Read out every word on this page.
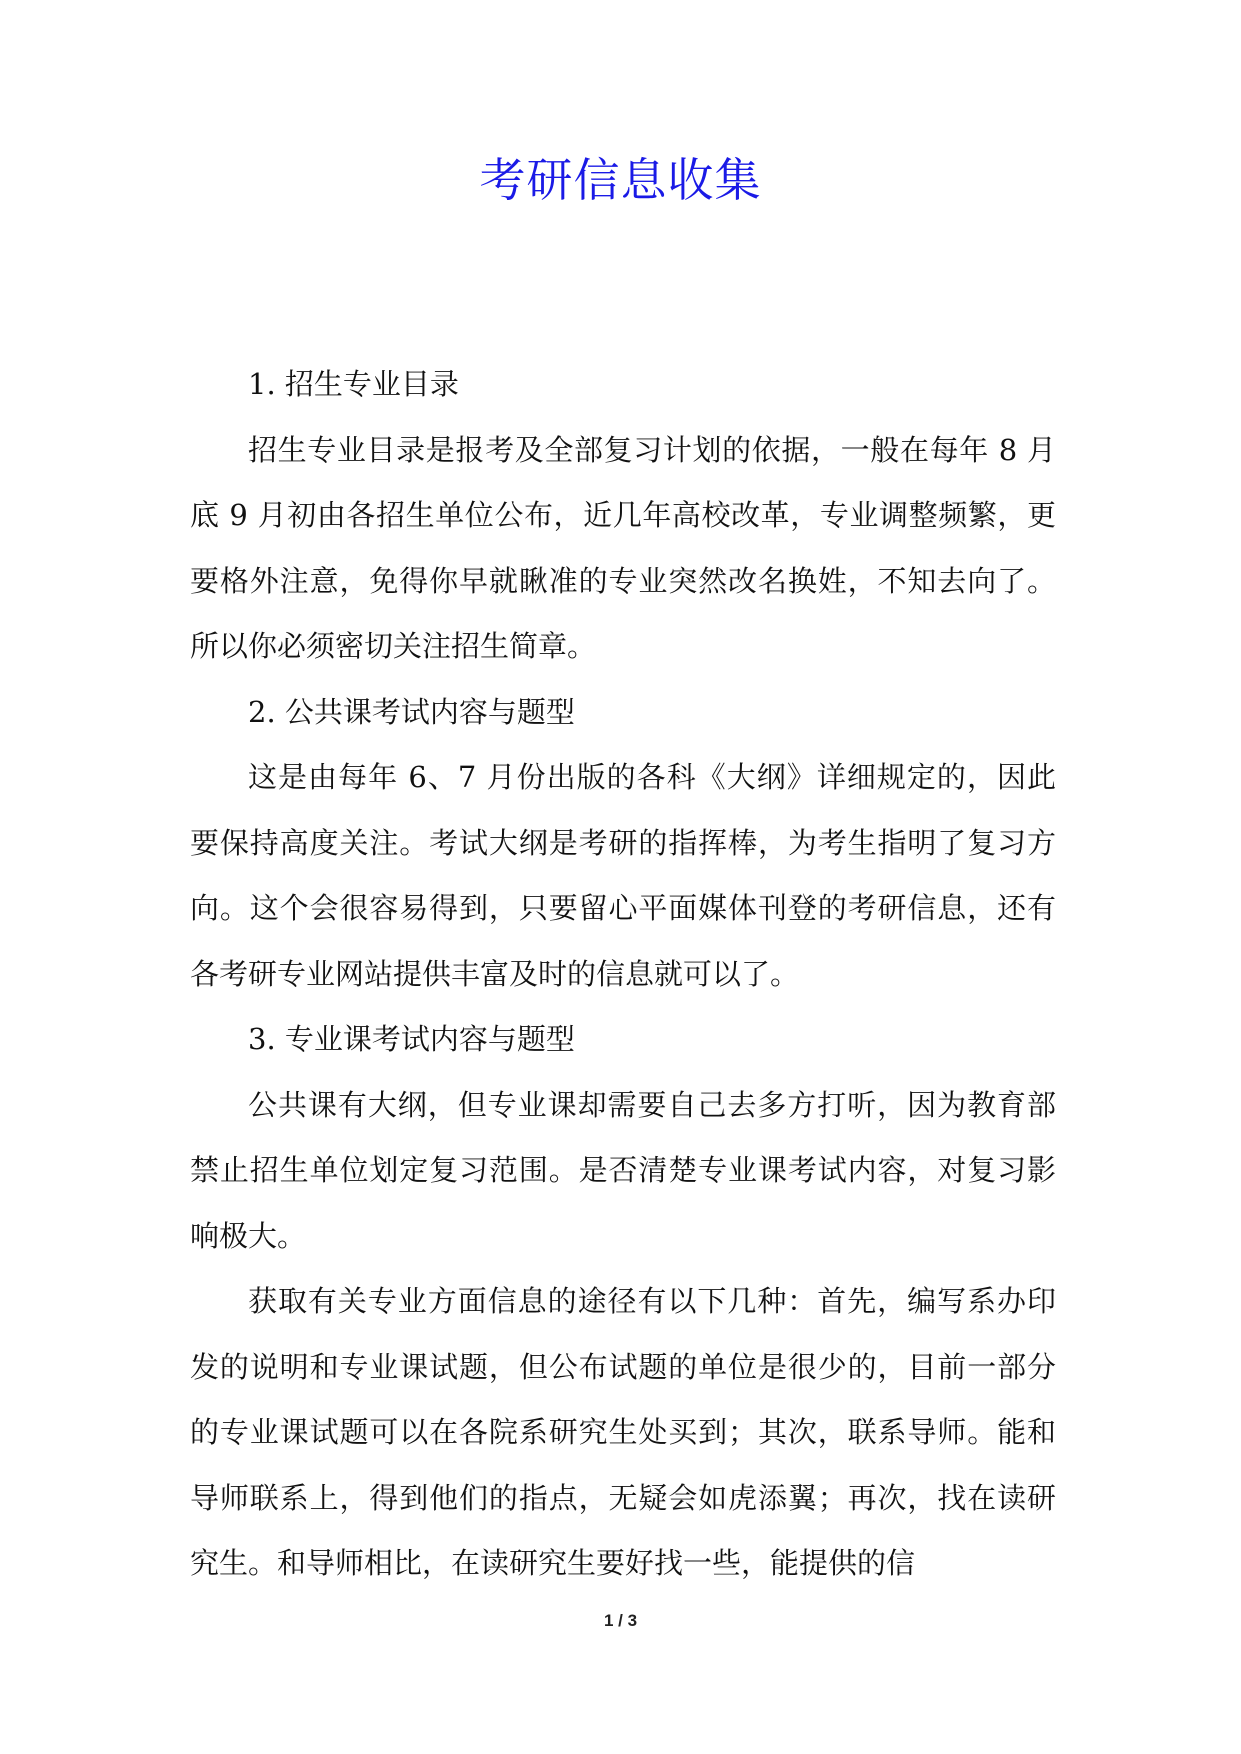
考研信息收集

1. 招生专业目录

招生专业目录是报考及全部复习计划的依据，一般在每年 8 月底 9 月初由各招生单位公布，近几年高校改革，专业调整频繁，更要格外注意，免得你早就瞅准的专业突然改名换姓，不知去向了。所以你必须密切关注招生简章。

2. 公共课考试内容与题型

这是由每年 6、7 月份出版的各科《大纲》详细规定的，因此要保持高度关注。考试大纲是考研的指挥棒，为考生指明了复习方向。这个会很容易得到，只要留心平面媒体刊登的考研信息，还有各考研专业网站提供丰富及时的信息就可以了。

3. 专业课考试内容与题型

公共课有大纲，但专业课却需要自己去多方打听，因为教育部禁止招生单位划定复习范围。是否清楚专业课考试内容，对复习影响极大。

获取有关专业方面信息的途径有以下几种：首先，编写系办印发的说明和专业课试题，但公布试题的单位是很少的，目前一部分的专业课试题可以在各院系研究生处买到；其次，联系导师。能和导师联系上，得到他们的指点，无疑会如虎添翼；再次，找在读研究生。和导师相比，在读研究生要好找一些，能提供的信

1 / 3
